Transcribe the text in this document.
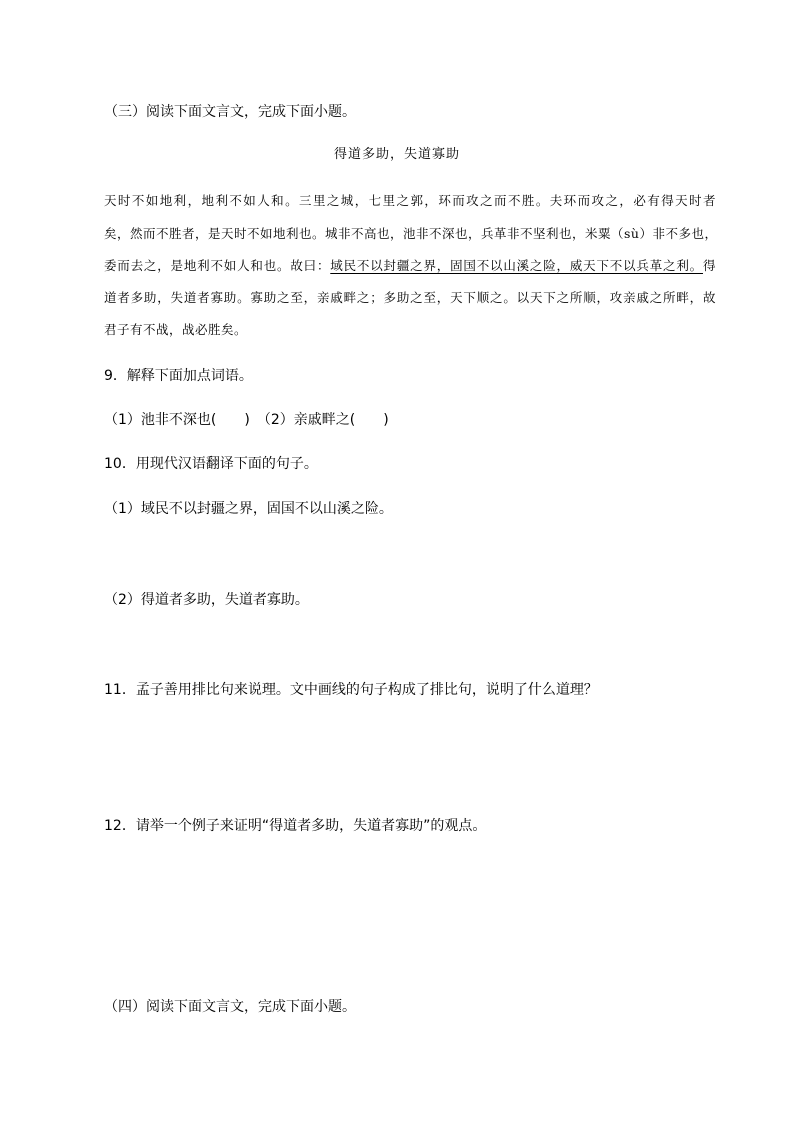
（三）阅读下面文言文，完成下面小题。
得道多助，失道寡助
天时不如地利，地利不如人和。三里之城，七里之郭，环而攻之而不胜。夫环而攻之，必有得天时者
矣，然而不胜者，是天时不如地利也。城非不高也，池非不深也，兵革非不坚利也，米粟（sù）非不多也，
委而去之，是地利不如人和也。故曰：域民不以封疆之界，固国不以山溪之险，威天下不以兵革之利。得
道者多助，失道者寡助。寡助之至，亲戚畔之；多助之至，天下顺之。以天下之所顺，攻亲戚之所畔，故
君子有不战，战必胜矣。
9．解释下面加点词语。
（1）池非不深也(　　)　（2）亲戚畔之(　　)
10．用现代汉语翻译下面的句子。
（1）域民不以封疆之界，固国不以山溪之险。
（2）得道者多助，失道者寡助。
11．孟子善用排比句来说理。文中画线的句子构成了排比句，说明了什么道理？
12．请举一个例子来证明“得道者多助，失道者寡助”的观点。
（四）阅读下面文言文，完成下面小题。
